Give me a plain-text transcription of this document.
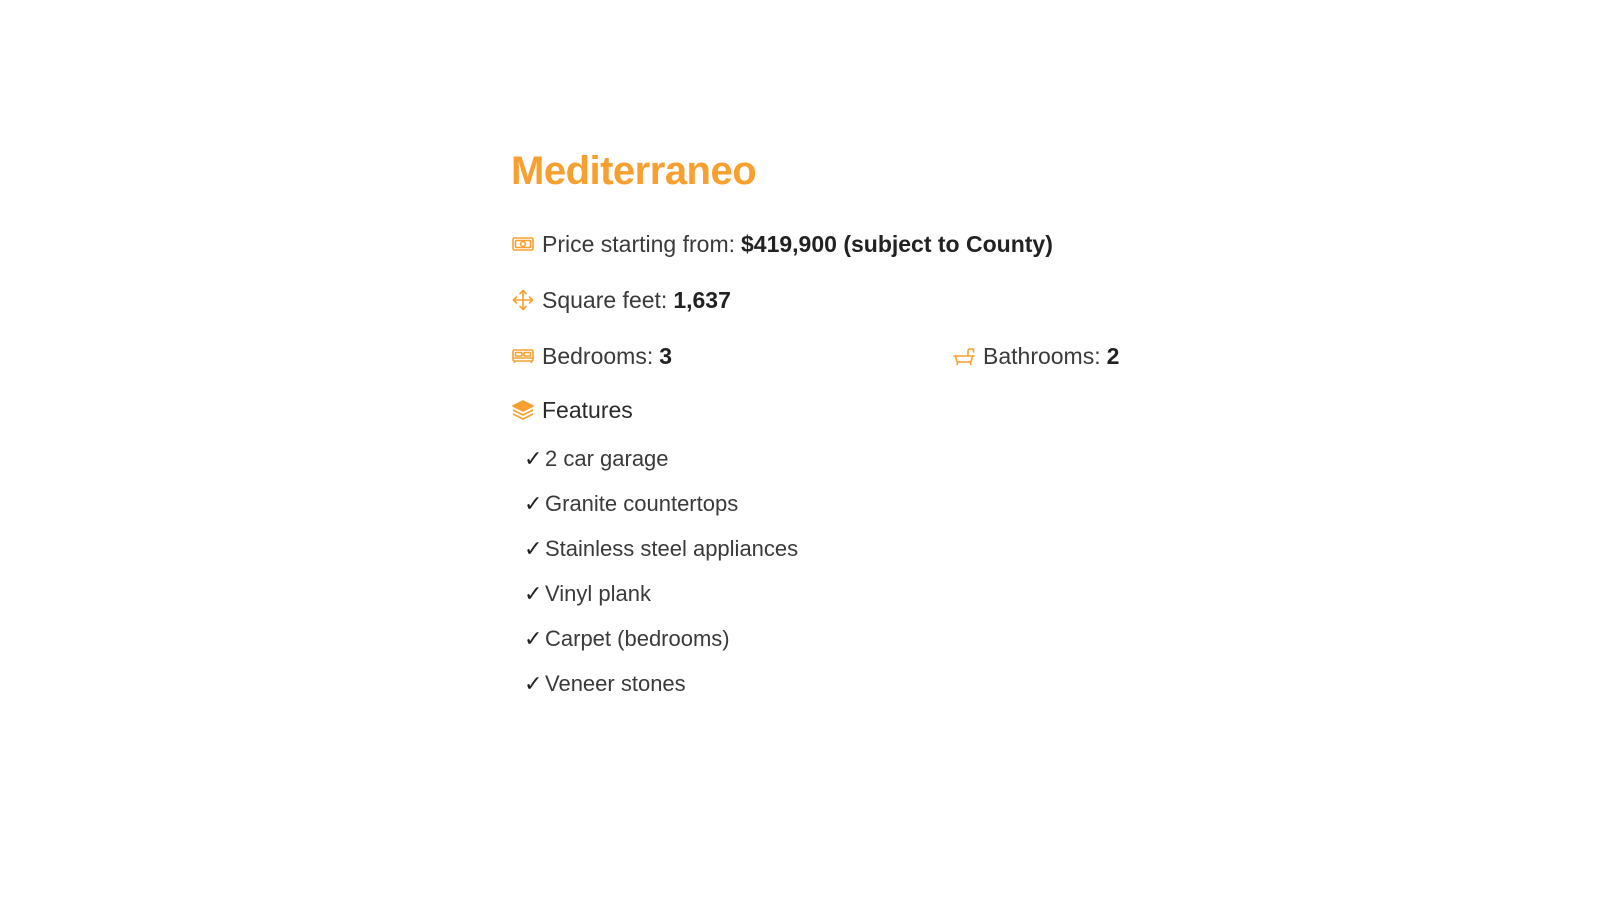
Mediterraneo
Price starting from: $419,900 (subject to County)
Square feet: 1,637
Bedrooms: 3	Bathrooms: 2
Features
✓ 2 car garage
✓ Granite countertops
✓ Stainless steel appliances
✓ Vinyl plank
✓ Carpet (bedrooms)
✓ Veneer stones
